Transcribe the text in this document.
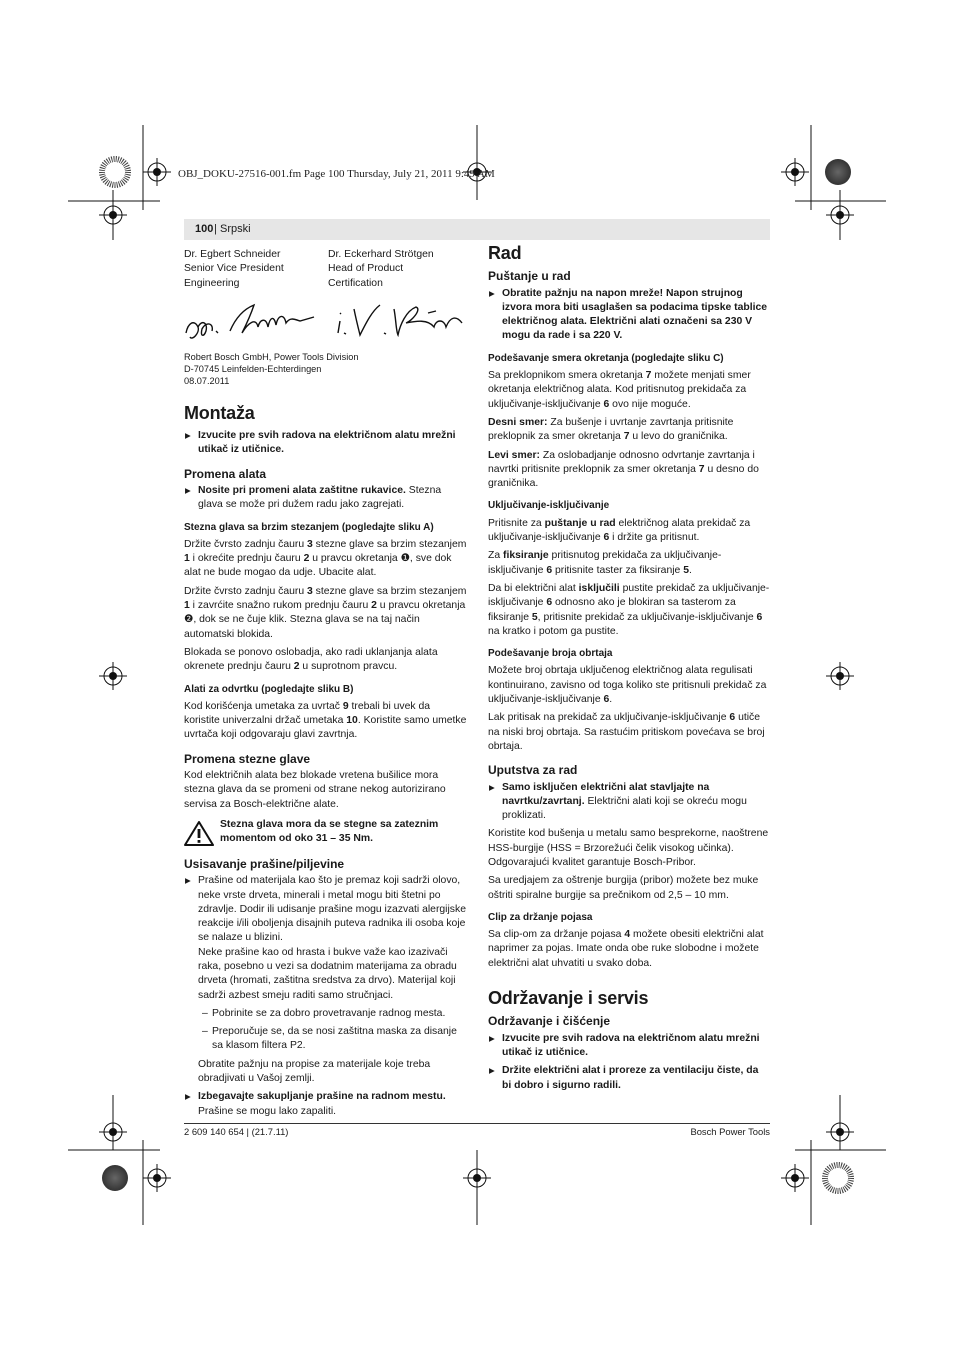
OBJ_DOKU-27516-001.fm Page 100 Thursday, July 21, 2011 9:49 AM
100 | Srpski
Dr. Egbert Schneider
Senior Vice President
Engineering
Dr. Eckerhard Strötgen
Head of Product
Certification
Robert Bosch GmbH, Power Tools Division
D-70745 Leinfelden-Echterdingen
08.07.2011
Montaža

▶ Izvucite pre svih radova na električnom alatu mrežni utikač iz utičnice.

Promena alata

▶ Nosite pri promeni alata zaštitne rukavice. Stezna glava se može pri dužem radu jako zagrejati.

Stezna glava sa brzim stezanjem (pogledajte sliku A)

Držite čvrsto zadnju čauru 3 stezne glave sa brzim stezanjem 1 i okrećite prednju čauru 2 u pravcu okretanja ❶, sve dok alat ne bude mogao da udje. Ubacite alat.

Držite čvrsto zadnju čauru 3 stezne glave sa brzim stezanjem 1 i zavrćite snažno rukom prednju čauru 2 u pravcu okretanja ❷, dok se ne čuje klik. Stezna glava se na taj način automatski blokida.

Blokada se ponovo oslobadja, ako radi uklanjanja alata okrenete prednju čauru 2 u suprotnom pravcu.

Alati za odvrtku (pogledajte sliku B)

Kod korišćenja umetaka za uvrtač 9 trebali bi uvek da koristite univerzalni držač umetaka 10. Koristite samo umetke uvrtača koji odgovaraju glavi zavrtnja.

Promena stezne glave

Kod električnih alata bez blokade vretena bušilice mora stezna glava da se promeni od strane nekog autorizirano servisa za Bosch-električne alate.

Stezna glava mora da se stegne sa zateznim momentom od oko 31 – 35 Nm.
Usisavanje prašine/piljevine

▶ Prašine od materijala kao što je premaz koji sadrži olovo, neke vrste drveta, minerali i metal mogu biti štetni po zdravlje. Dodir ili udisanje prašine mogu izazvati alergijske reakcije i/ili obolјenja disajnih puteva radnika ili osoba koje se nalaze u blizini.

Neke prašine kao od hrasta i bukve važe kao izazivači raka, posebno u vezi sa dodatnim materijama za obradu drveta (hromati, zaštitna sredstva za drvo). Materijal koji sadrži azbest smeju raditi samo stručnjaci.

– Pobrinite se za dobro provetravanje radnog mesta.

– Preporučuje se, da se nosi zaštitna maska za disanje sa klasom filtera P2.

Obratite pažnju na propise za materijale koje treba obradjivati u Vašoj zemlji.

▶ Izbegavajte sakupljanje prašine na radnom mestu.
Prašine se mogu lako zapaliti.

Rad
Puštanje u rad

▶ Obratite pažnju na napon mreže! Napon strujnog izvora mora biti usaglašen sa podacima tipske tablice električnog alata. Električni alati označeni sa 230 V mogu da rade i sa 220 V.

Podešavanje smera okretanja (pogledajte sliku C)

Sa preklopnikom smera okretanja 7 možete menjati smer okretanja električnog alata. Kod pritisnutog prekidača za uključivanje-isključivanje 6 ovo nije moguće.

Desni smer: Za bušenje i uvrtanje zavrtanja pritisnite preklopnik za smer okretanja 7 u levo do graničnika.

Levi smer: Za oslobadjanje odnosno odvrtanje zavrtanja i navrtki pritisnite preklopnik za smer okretanja 7 u desno do graničnika.

Uključivanje-isključivanje

Pritisnite za puštanje u rad električnog alata prekidač za uključivanje-isključivanje 6 i držite ga pritisnut.

Za fiksiranje pritisnutog prekidača za uključivanje-isključivanje 6 pritisnite taster za fiksiranje 5.

Da bi električni alat isključili pustite prekidač za uključivanje-isključivanje 6 odnosno ako je blokiran sa tasterom za fiksiranje 5, pritisnite prekidač za uključivanje-isključivanje 6 na kratko i potom ga pustite.

Podešavanje broja obrtaja

Možete broj obrtaja uključenog električnog alata regulisati kontinuirano, zavisno od toga koliko ste pritisnuli prekidač za uključivanje-isključivanje 6.

Lak pritisak na prekidač za uključivanje-isključivanje 6 utiče na niski broj obrtaja. Sa rastućim pritiskom povećava se broj obrtaja.

Uputstva za rad

▶ Samo isključen električni alat stavljajte na navrtku/zavrtanj. Električni alati koji se okreću mogu proklizati.

Koristite kod bušenja u metalu samo besprekorne, naoštrene HSS-burgije (HSS = Brzorežući čelik visokog učinka). Odgovarajući kvalitet garantuje Bosch-Pribor.

Sa uredjajem za oštrenje burgija (pribor) možete bez muke oštriti spiralne burgije sa prečnikom od 2,5 – 10 mm.

Clip za držanje pojasa

Sa clip-om za držanje pojasa 4 možete obesiti električni alat naprimer za pojas. Imate onda obe ruke slobodne i možete električni alat uhvatiti u svako doba.

Održavanje i servis
Održavanje i čišćenje

▶ Izvucite pre svih radova na električnom alatu mrežni utikač iz utičnice.

▶ Držite električni alat i proreze za ventilaciju čiste, da bi dobro i sigurno radili.

2 609 140 654 | (21.7.11)	Bosch Power Tools
